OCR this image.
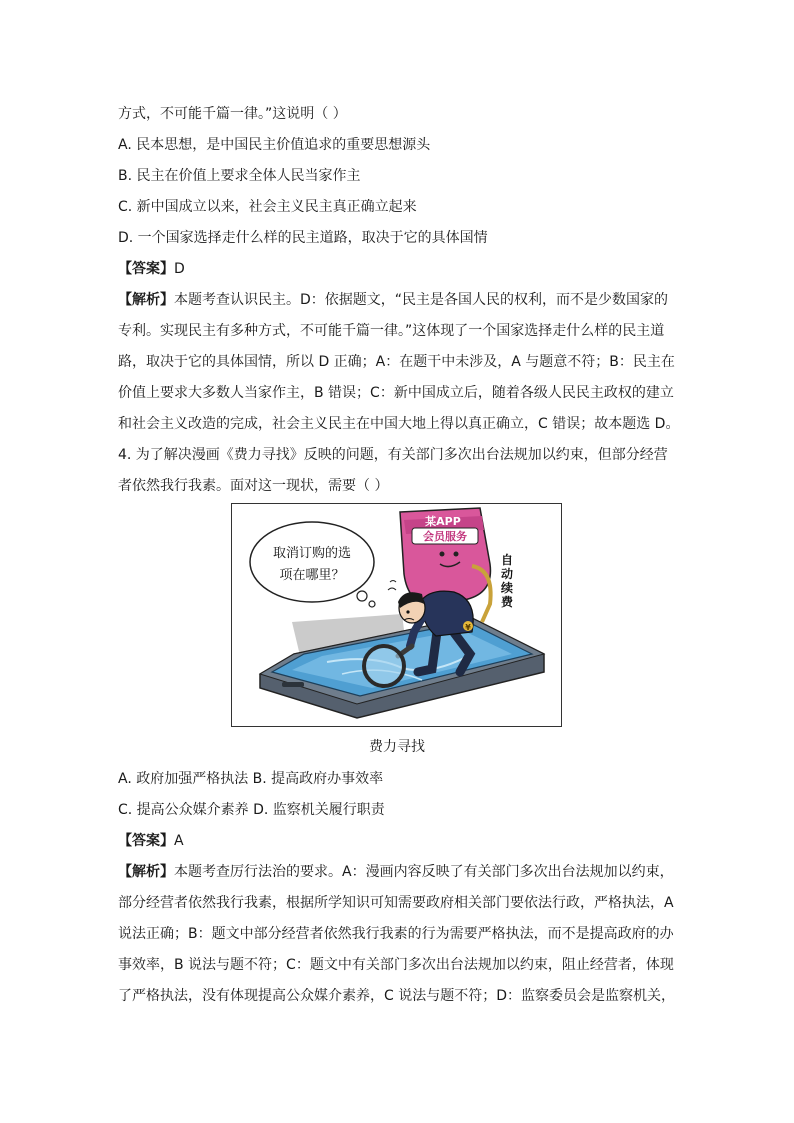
方式，不可能千篇一律。”这说明（ ）
A. 民本思想，是中国民主价值追求的重要思想源头
B. 民主在价值上要求全体人民当家作主
C. 新中国成立以来，社会主义民主真正确立起来
D. 一个国家选择走什么样的民主道路，取决于它的具体国情
【答案】D
【解析】本题考查认识民主。D：依据题文，“民主是各国人民的权利，而不是少数国家的
专利。实现民主有多种方式，不可能千篇一律。”这体现了一个国家选择走什么样的民主道
路，取决于它的具体国情，所以 D 正确；A：在题干中未涉及，A 与题意不符；B：民主在
价值上要求大多数人当家作主，B 错误；C：新中国成立后，随着各级人民民主政权的建立
和社会主义改造的完成，社会主义民主在中国大地上得以真正确立，C 错误；故本题选 D。
4. 为了解决漫画《费力寻找》反映的问题，有关部门多次出台法规加以约束，但部分经营
者依然我行我素。面对这一现状，需要（ ）
取消订购的选
项在哪里？
某APP
会员服务
自
动
续
费
¥
费力寻找
A. 政府加强严格执法 B. 提高政府办事效率
C. 提高公众媒介素养 D. 监察机关履行职责
【答案】A
【解析】本题考查厉行法治的要求。A：漫画内容反映了有关部门多次出台法规加以约束，
部分经营者依然我行我素，根据所学知识可知需要政府相关部门要依法行政，严格执法，A
说法正确；B：题文中部分经营者依然我行我素的行为需要严格执法，而不是提高政府的办
事效率，B 说法与题不符；C：题文中有关部门多次出台法规加以约束，阻止经营者，体现
了严格执法，没有体现提高公众媒介素养，C 说法与题不符；D：监察委员会是监察机关，
